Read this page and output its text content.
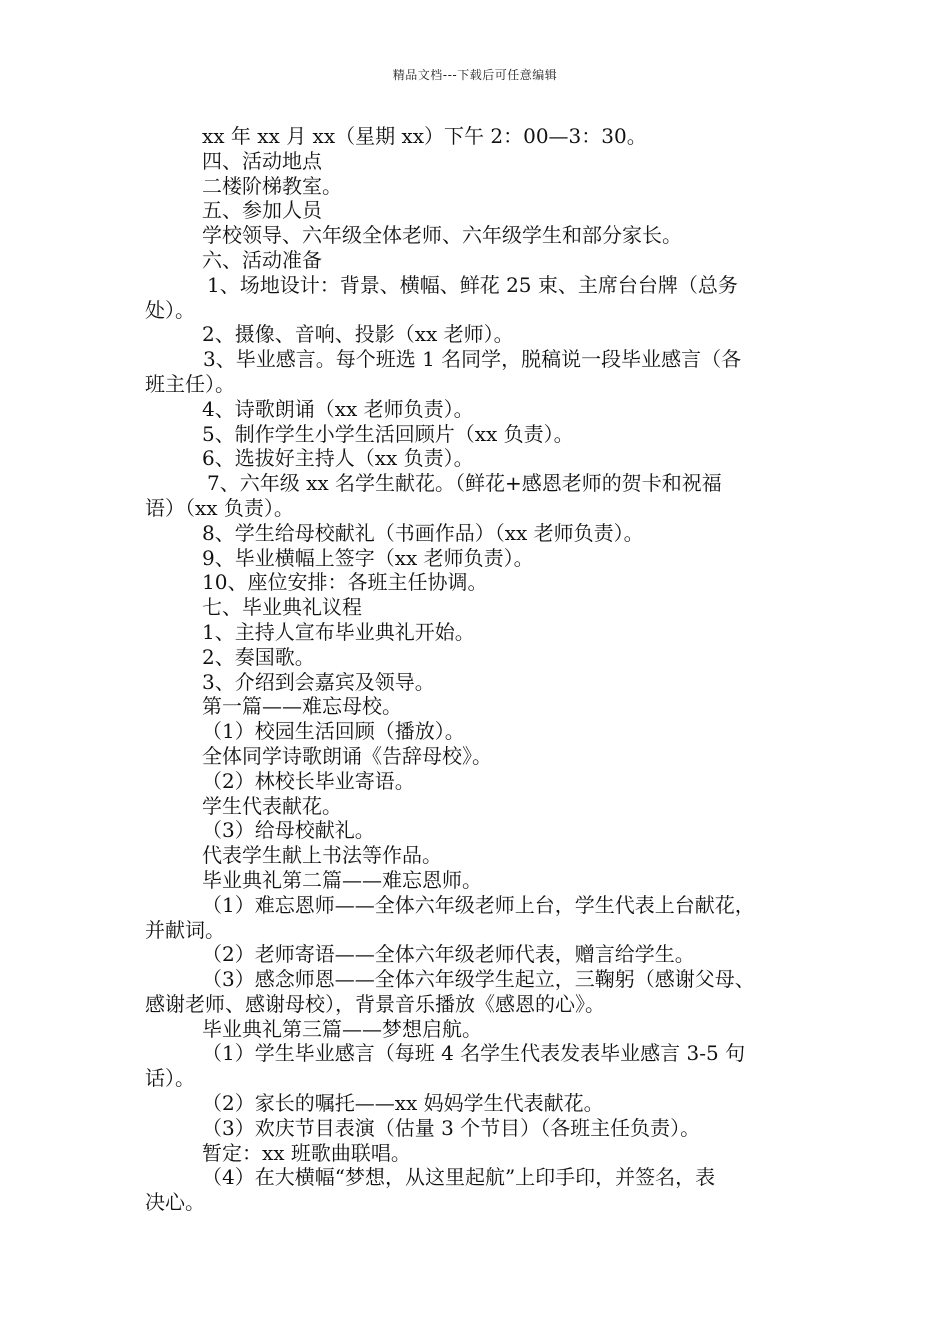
精品文档---下载后可任意编辑
xx 年 xx 月 xx（星期 xx）下午 2：00—3：30。
四、活动地点
二楼阶梯教室。
五、参加人员
学校领导、六年级全体老师、六年级学生和部分家长。
六、活动准备
1、场地设计：背景、横幅、鲜花 25 束、主席台台牌（总务
处）。
2、摄像、音响、投影（xx 老师）。
3、毕业感言。每个班选 1 名同学，脱稿说一段毕业感言（各
班主任）。
4、诗歌朗诵（xx 老师负责）。
5、制作学生小学生活回顾片（xx 负责）。
6、选拔好主持人（xx 负责）。
7、六年级 xx 名学生献花。（鲜花+感恩老师的贺卡和祝福
语）（xx 负责）。
8、学生给母校献礼（书画作品）（xx 老师负责）。
9、毕业横幅上签字（xx 老师负责）。
10、座位安排：各班主任协调。
七、毕业典礼议程
1、主持人宣布毕业典礼开始。
2、奏国歌。
3、介绍到会嘉宾及领导。
第一篇——难忘母校。
（1）校园生活回顾（播放）。
全体同学诗歌朗诵《告辞母校》。
（2）林校长毕业寄语。
学生代表献花。
（3）给母校献礼。
代表学生献上书法等作品。
毕业典礼第二篇——难忘恩师。
（1）难忘恩师——全体六年级老师上台，学生代表上台献花，
并献词。
（2）老师寄语——全体六年级老师代表，赠言给学生。
（3）感念师恩——全体六年级学生起立，三鞠躬（感谢父母、
感谢老师、感谢母校），背景音乐播放《感恩的心》。
毕业典礼第三篇——梦想启航。
（1）学生毕业感言（每班 4 名学生代表发表毕业感言 3-5 句
话）。
（2）家长的嘱托——xx 妈妈学生代表献花。
（3）欢庆节目表演（估量 3 个节目）（各班主任负责）。
暂定：xx 班歌曲联唱。
（4）在大横幅“梦想，从这里起航”上印手印，并签名，表
决心。
